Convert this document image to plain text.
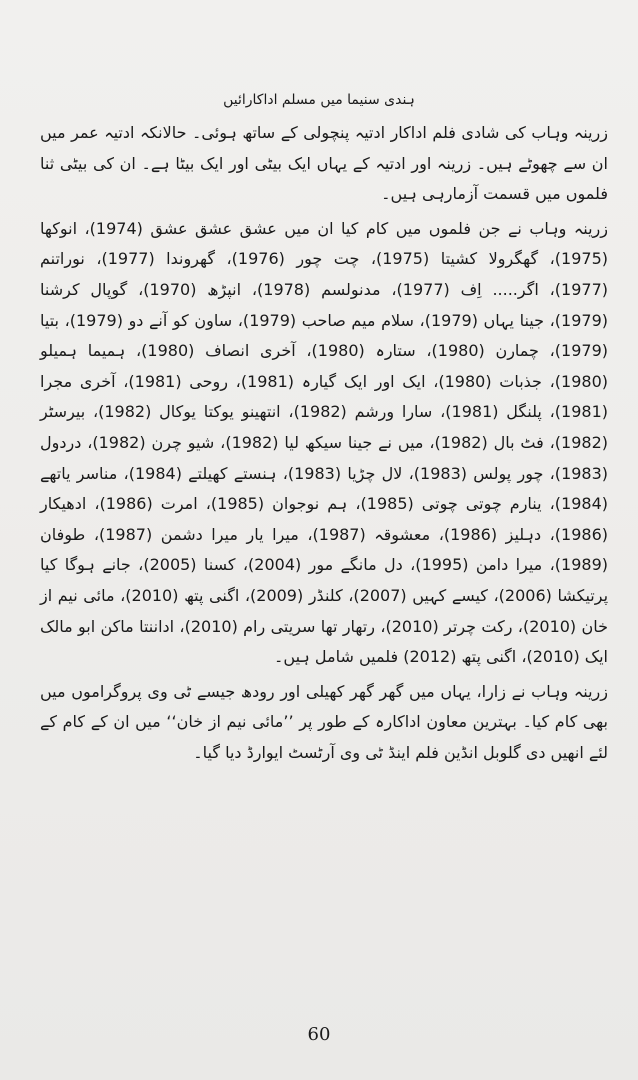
ہندی سنیما میں مسلم اداکارائیں

زرینہ وہاب کی شادی فلم اداکار ادتیہ پنچولی کے ساتھ ہوئی۔ حالانکہ ادتیہ عمر میں ان سے چھوٹے ہیں۔ زرینہ اور ادتیہ کے یہاں ایک بیٹی اور ایک بیٹا ہے۔ ان کی بیٹی ثنا فلموں میں قسمت آزمارہی ہیں۔

زرینہ وہاب نے جن فلموں میں کام کیا ان میں عشق عشق عشق (1974)، انوکھا (1975)، گھگرولا کشیتا (1975)، چت چور (1976)، گھروندا (1977)، نوراتنم (1977)، اگر..... اِف (1977)، مدنولسم (1978)، انپڑھ (1970)، گوپال کرشنا (1979)، جینا یہاں (1979)، سلام میم صاحب (1979)، ساون کو آنے دو (1979)، بتیا (1979)، چمارن (1980)، ستارہ (1980)، آخری انصاف (1980)، ہمیما ہمیلو (1980)، جذبات (1980)، ایک اور ایک گیارہ (1981)، روحی (1981)، آخری مجرا (1981)، پلنگل (1981)، سارا ورشم (1982)، انتھینو یوکتا یوکال (1982)، بیرسٹر (1982)، فٹ بال (1982)، میں نے جینا سیکھ لیا (1982)، شیو چرن (1982)، دردول (1983)، چور پولس (1983)، لال چڑیا (1983)، ہنستے کھیلتے (1984)، مناسر یاتھے (1984)، ینارم چوتی چوتی (1985)، ہم نوجوان (1985)، امرت (1986)، ادھیکار (1986)، دہلیز (1986)، معشوقہ (1987)، میرا یار میرا دشمن (1987)، طوفان (1989)، میرا دامن (1995)، دل مانگے مور (2004)، کسنا (2005)، جانے ہوگا کیا پرتیکشا (2006)، کیسے کہیں (2007)، کلنڈر (2009)، اگنی پتھ (2010)، مائی نیم از خان (2010)، رکت چرتر (2010)، رتھار تھا سریتی رام (2010)، اداننتا ماکن ابو مالک ایک (2010)، اگنی پتھ (2012) فلمیں شامل ہیں۔

زرینہ وہاب نے زارا، یہاں میں گھر گھر کھیلی اور رودھ جیسے ٹی وی پروگراموں میں بھی کام کیا۔ بہترین معاون اداکارہ کے طور پر ’’مائی نیم از خان‘‘ میں ان کے کام کے لئے انھیں دی گلوبل انڈین فلم اینڈ ٹی وی آرٹسٹ ایوارڈ دیا گیا۔

60
